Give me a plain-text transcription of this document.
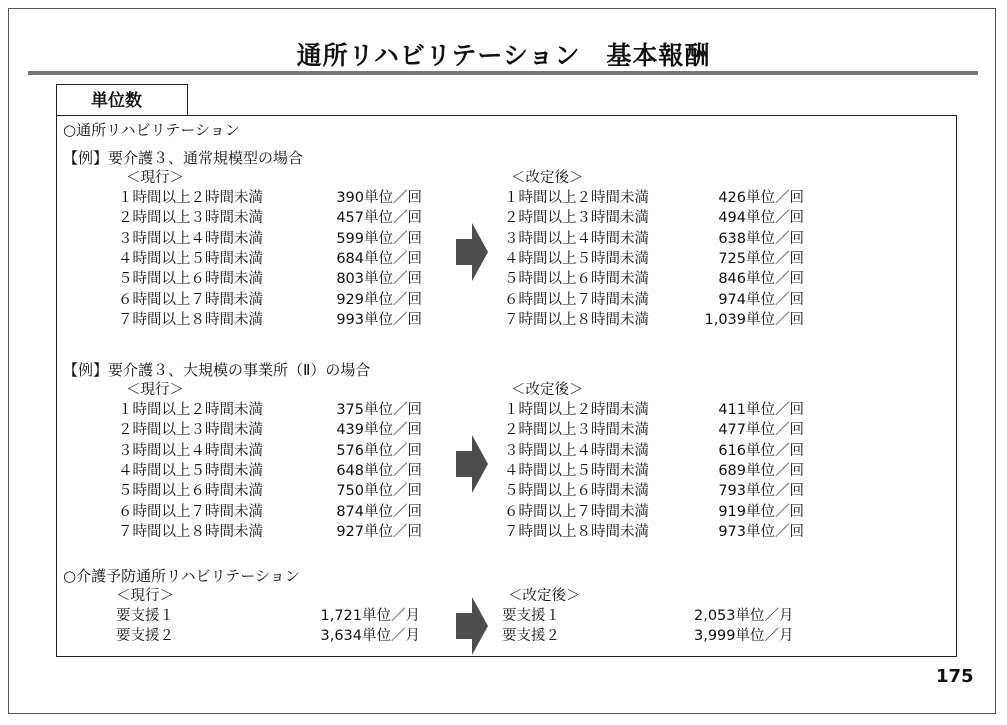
通所リハビリテーション　基本報酬
単位数
○通所リハビリテーション
【例】要介護３、通常規模型の場合
＜現行＞	＜改定後＞
１時間以上２時間未満	390単位／回	１時間以上２時間未満	426単位／回
２時間以上３時間未満	457単位／回	２時間以上３時間未満	494単位／回
３時間以上４時間未満	599単位／回	３時間以上４時間未満	638単位／回
４時間以上５時間未満	684単位／回	４時間以上５時間未満	725単位／回
５時間以上６時間未満	803単位／回	５時間以上６時間未満	846単位／回
６時間以上７時間未満	929単位／回	６時間以上７時間未満	974単位／回
７時間以上８時間未満	993単位／回	７時間以上８時間未満	1,039単位／回
【例】要介護３、大規模の事業所（Ⅱ）の場合
＜現行＞	＜改定後＞
１時間以上２時間未満	375単位／回	１時間以上２時間未満	411単位／回
２時間以上３時間未満	439単位／回	２時間以上３時間未満	477単位／回
３時間以上４時間未満	576単位／回	３時間以上４時間未満	616単位／回
４時間以上５時間未満	648単位／回	４時間以上５時間未満	689単位／回
５時間以上６時間未満	750単位／回	５時間以上６時間未満	793単位／回
６時間以上７時間未満	874単位／回	６時間以上７時間未満	919単位／回
７時間以上８時間未満	927単位／回	７時間以上８時間未満	973単位／回
○介護予防通所リハビリテーション
＜現行＞	＜改定後＞
要支援１	1,721単位／月	要支援１	2,053単位／月
要支援２	3,634単位／月	要支援２	3,999単位／月
175
